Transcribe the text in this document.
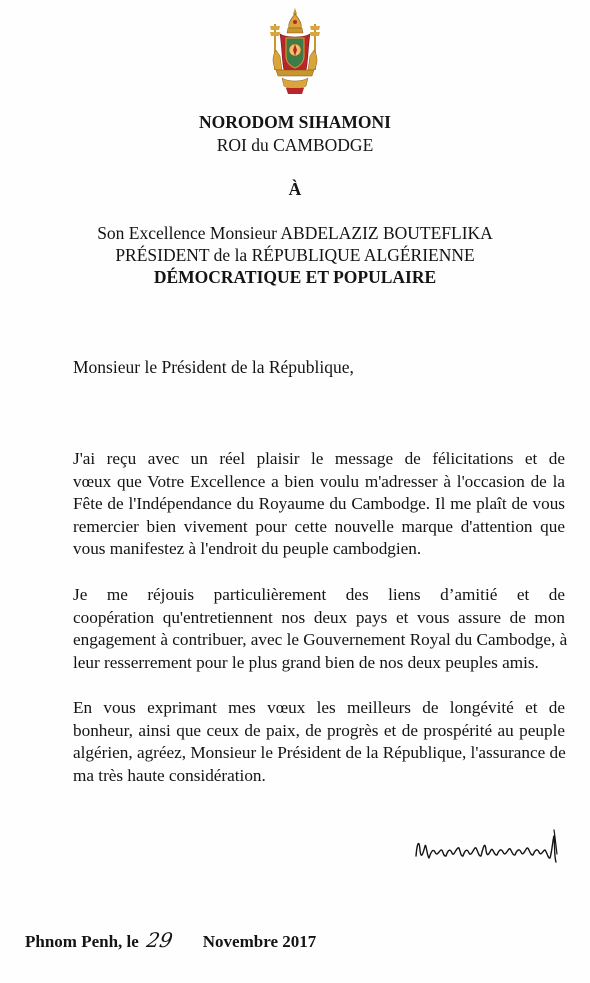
NORODOM SIHAMONI
ROI du CAMBODGE
À
Son Excellence Monsieur ABDELAZIZ BOUTEFLIKA
PRÉSIDENT de la RÉPUBLIQUE ALGÉRIENNE
DÉMOCRATIQUE ET POPULAIRE
Monsieur le Président de la République,
J'ai reçu avec un réel plaisir le message de félicitations et de
vœux que Votre Excellence a bien voulu m'adresser à l'occasion de la
Fête de l'Indépendance du Royaume du Cambodge. Il me plaît de vous
remercier bien vivement pour cette nouvelle marque d'attention que
vous manifestez à l'endroit du peuple cambodgien.
Je me réjouis particulièrement des liens d’amitié et de
coopération qu'entretiennent nos deux pays et vous assure de mon
engagement à contribuer, avec le Gouvernement Royal du Cambodge, à
leur resserrement pour le plus grand bien de nos deux peuples amis.
En vous exprimant mes vœux les meilleurs de longévité et de
bonheur, ainsi que ceux de paix, de progrès et de prospérité au peuple
algérien, agréez, Monsieur le Président de la République, l'assurance de
ma très haute considération.
Phnom Penh, le 29 Novembre 2017
